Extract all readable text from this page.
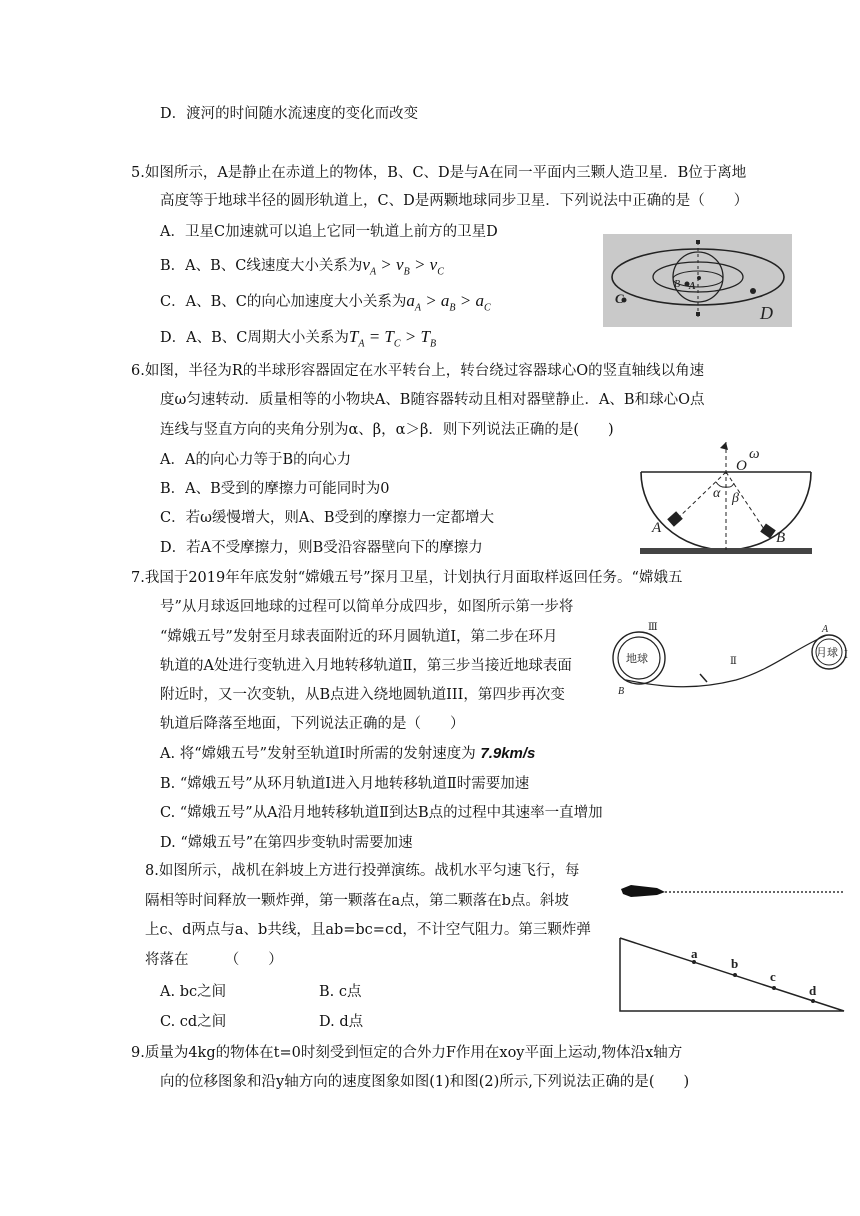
D．渡河的时间随水流速度的变化而改变
5.如图所示，A是静止在赤道上的物体，B、C、D是与A在同一平面内三颗人造卫星．B位于离地
高度等于地球半径的圆形轨道上，C、D是两颗地球同步卫星．下列说法中正确的是（　　）
A．卫星C加速就可以追上它同一轨道上前方的卫星D
B．A、B、C线速度大小关系为$v_A > v_B > v_C$
C．A、B、C的向心加速度大小关系为$a_A > a_B > a_C$
D．A、B、C周期大小关系为$T_A = T_C > T_B$
C
A
B
D
6.如图，半径为R的半球形容器固定在水平转台上，转台绕过容器球心O的竖直轴线以角速
度ω匀速转动．质量相等的小物块A、B随容器转动且相对器壁静止．A、B和球心O点
连线与竖直方向的夹角分别为α、β，α＞β．则下列说法正确的是(　　)
A．A的向心力等于B的向心力
B．A、B受到的摩擦力可能同时为0
C．若ω缓慢增大，则A、B受到的摩擦力一定都增大
D．若A不受摩擦力，则B受沿容器壁向下的摩擦力
ω
O
α β
A
B
7.我国于2019年年底发射“嫦娥五号”探月卫星，计划执行月面取样返回任务。“嫦娥五
号”从月球返回地球的过程可以简单分成四步，如图所示第一步将
“嫦娥五号”发射至月球表面附近的环月圆轨道Ⅰ，第二步在环月
轨道的A处进行变轨进入月地转移轨道Ⅱ，第三步当接近地球表面
附近时，又一次变轨，从B点进入绕地圆轨道III，第四步再次变
轨道后降落至地面，下列说法正确的是（　　）
A. 将“嫦娥五号”发射至轨道Ⅰ时所需的发射速度为 7.9km/s
B. “嫦娥五号”从环月轨道Ⅰ进入月地转移轨道Ⅱ时需要加速
C. “嫦娥五号”从A沿月地转移轨道Ⅱ到达B点的过程中其速率一直增加
D. “嫦娥五号”在第四步变轨时需要加速
地球	月球
Ⅲ
Ⅱ
Ⅰ
A
B
8.如图所示，战机在斜坡上方进行投弹演练。战机水平匀速飞行，每
隔相等时间释放一颗炸弹，第一颗落在a点，第二颗落在b点。斜坡
上c、d两点与a、b共线，且ab=bc=cd，不计空气阻力。第三颗炸弹
将落在　　　（　　）
A. bc之间	B. c点
C. cd之间	D. d点
a
b
c
d
9.质量为4kg的物体在t=0时刻受到恒定的合外力F作用在xoy平面上运动,物体沿x轴方
向的位移图象和沿y轴方向的速度图象如图(1)和图(2)所示,下列说法正确的是(　　)
